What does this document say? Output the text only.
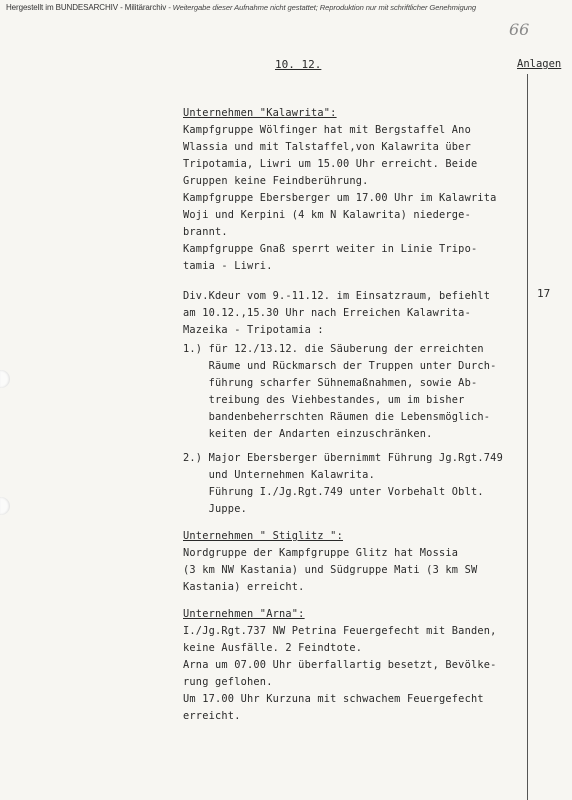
Hergestellt im BUNDESARCHIV - Militärarchiv - Weitergabe dieser Aufnahme nicht gestattet; Reproduktion nur mit schriftlicher Genehmigung
66
10. 12.	Anlagen
17
Unternehmen "Kalawrita":
Kampfgruppe Wölfinger hat mit Bergstaffel Ano
Wlassia und mit Talstaffel,von Kalawrita über
Tripotamia, Liwri um 15.00 Uhr erreicht. Beide
Gruppen keine Feindberührung.
Kampfgruppe Ebersberger um 17.00 Uhr im Kalawrita
Woji und Kerpini (4 km N Kalawrita) niederge-
brannt.
Kampfgruppe Gnaß sperrt weiter in Linie Tripo-
tamia - Liwri.
Div.Kdeur vom 9.-11.12. im Einsatzraum, befiehlt
am 10.12.,15.30 Uhr nach Erreichen Kalawrita-
Mazeika - Tripotamia :
1.) für 12./13.12. die Säuberung der erreichten
Räume und Rückmarsch der Truppen unter Durch-
führung scharfer Sühnemaßnahmen, sowie Ab-
treibung des Viehbestandes, um im bisher
bandenbeherrschten Räumen die Lebensmöglich-
keiten der Andarten einzuschränken.
2.) Major Ebersberger übernimmt Führung Jg.Rgt.749
und Unternehmen Kalawrita.
Führung I./Jg.Rgt.749 unter Vorbehalt Oblt.
Juppe.
Unternehmen " Stiglitz ":
Nordgruppe der Kampfgruppe Glitz hat Mossia
(3 km NW Kastania) und Südgruppe Mati (3 km SW
Kastania) erreicht.
Unternehmen "Arna":
I./Jg.Rgt.737 NW Petrina Feuergefecht mit Banden,
keine Ausfälle. 2 Feindtote.
Arna um 07.00 Uhr überfallartig besetzt, Bevölke-
rung geflohen.
Um 17.00 Uhr Kurzuna mit schwachem Feuergefecht
erreicht.
